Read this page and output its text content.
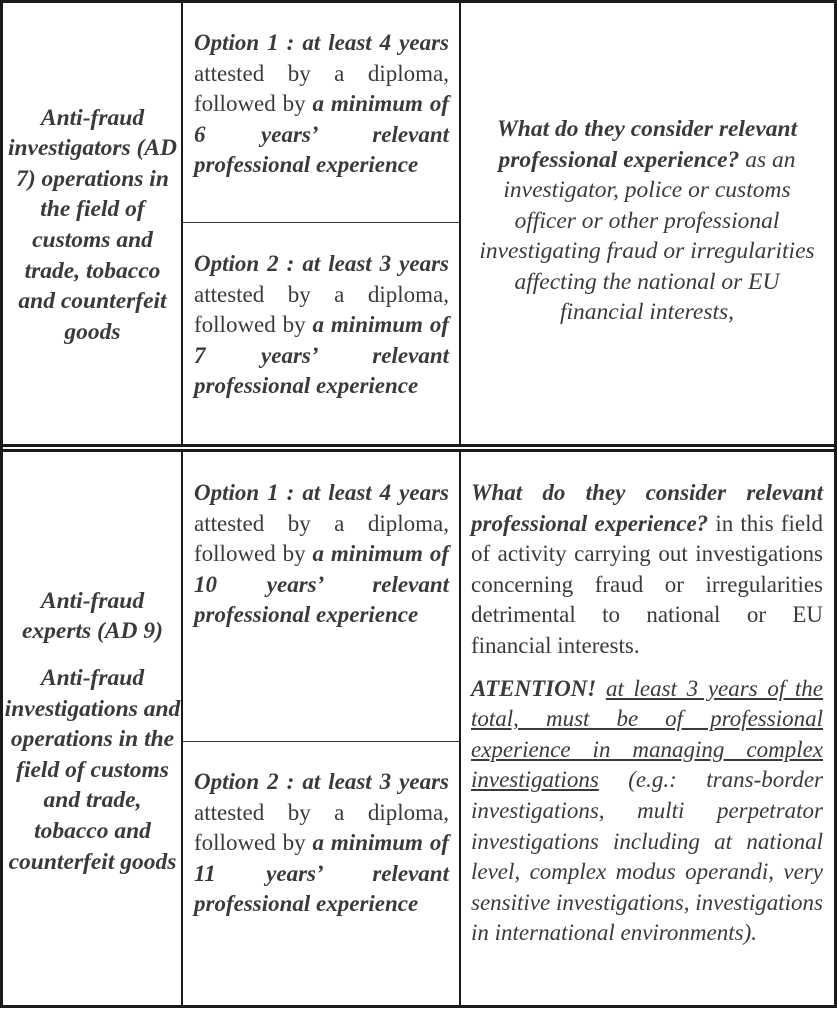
Anti-fraud investigators (AD 7) operations in the field of customs and trade, tobacco and counterfeit goods

Option 1 : at least 4 years attested by a diploma, followed by a minimum of 6 years’ relevant professional experience
Option 2 : at least 3 years attested by a diploma, followed by a minimum of 7 years’ relevant professional experience
What do they consider relevant professional experience? as an investigator, police or customs officer or other professional investigating fraud or irregularities affecting the national or EU financial interests,

Anti-fraud experts (AD 9)

Anti-fraud investigations and operations in the field of customs and trade, tobacco and counterfeit goods

Option 1 : at least 4 years attested by a diploma, followed by a minimum of 10 years’ relevant professional experience
Option 2 : at least 3 years attested by a diploma, followed by a minimum of 11 years’ relevant professional experience

What do they consider relevant professional experience? in this field of activity carrying out investigations concerning fraud or irregularities detrimental to national or EU financial interests.

ATENTION! at least 3 years of the total, must be of professional experience in managing complex investigations (e.g.: trans-border investigations, multi perpetrator investigations including at national level, complex modus operandi, very sensitive investigations, investigations in international environments).
